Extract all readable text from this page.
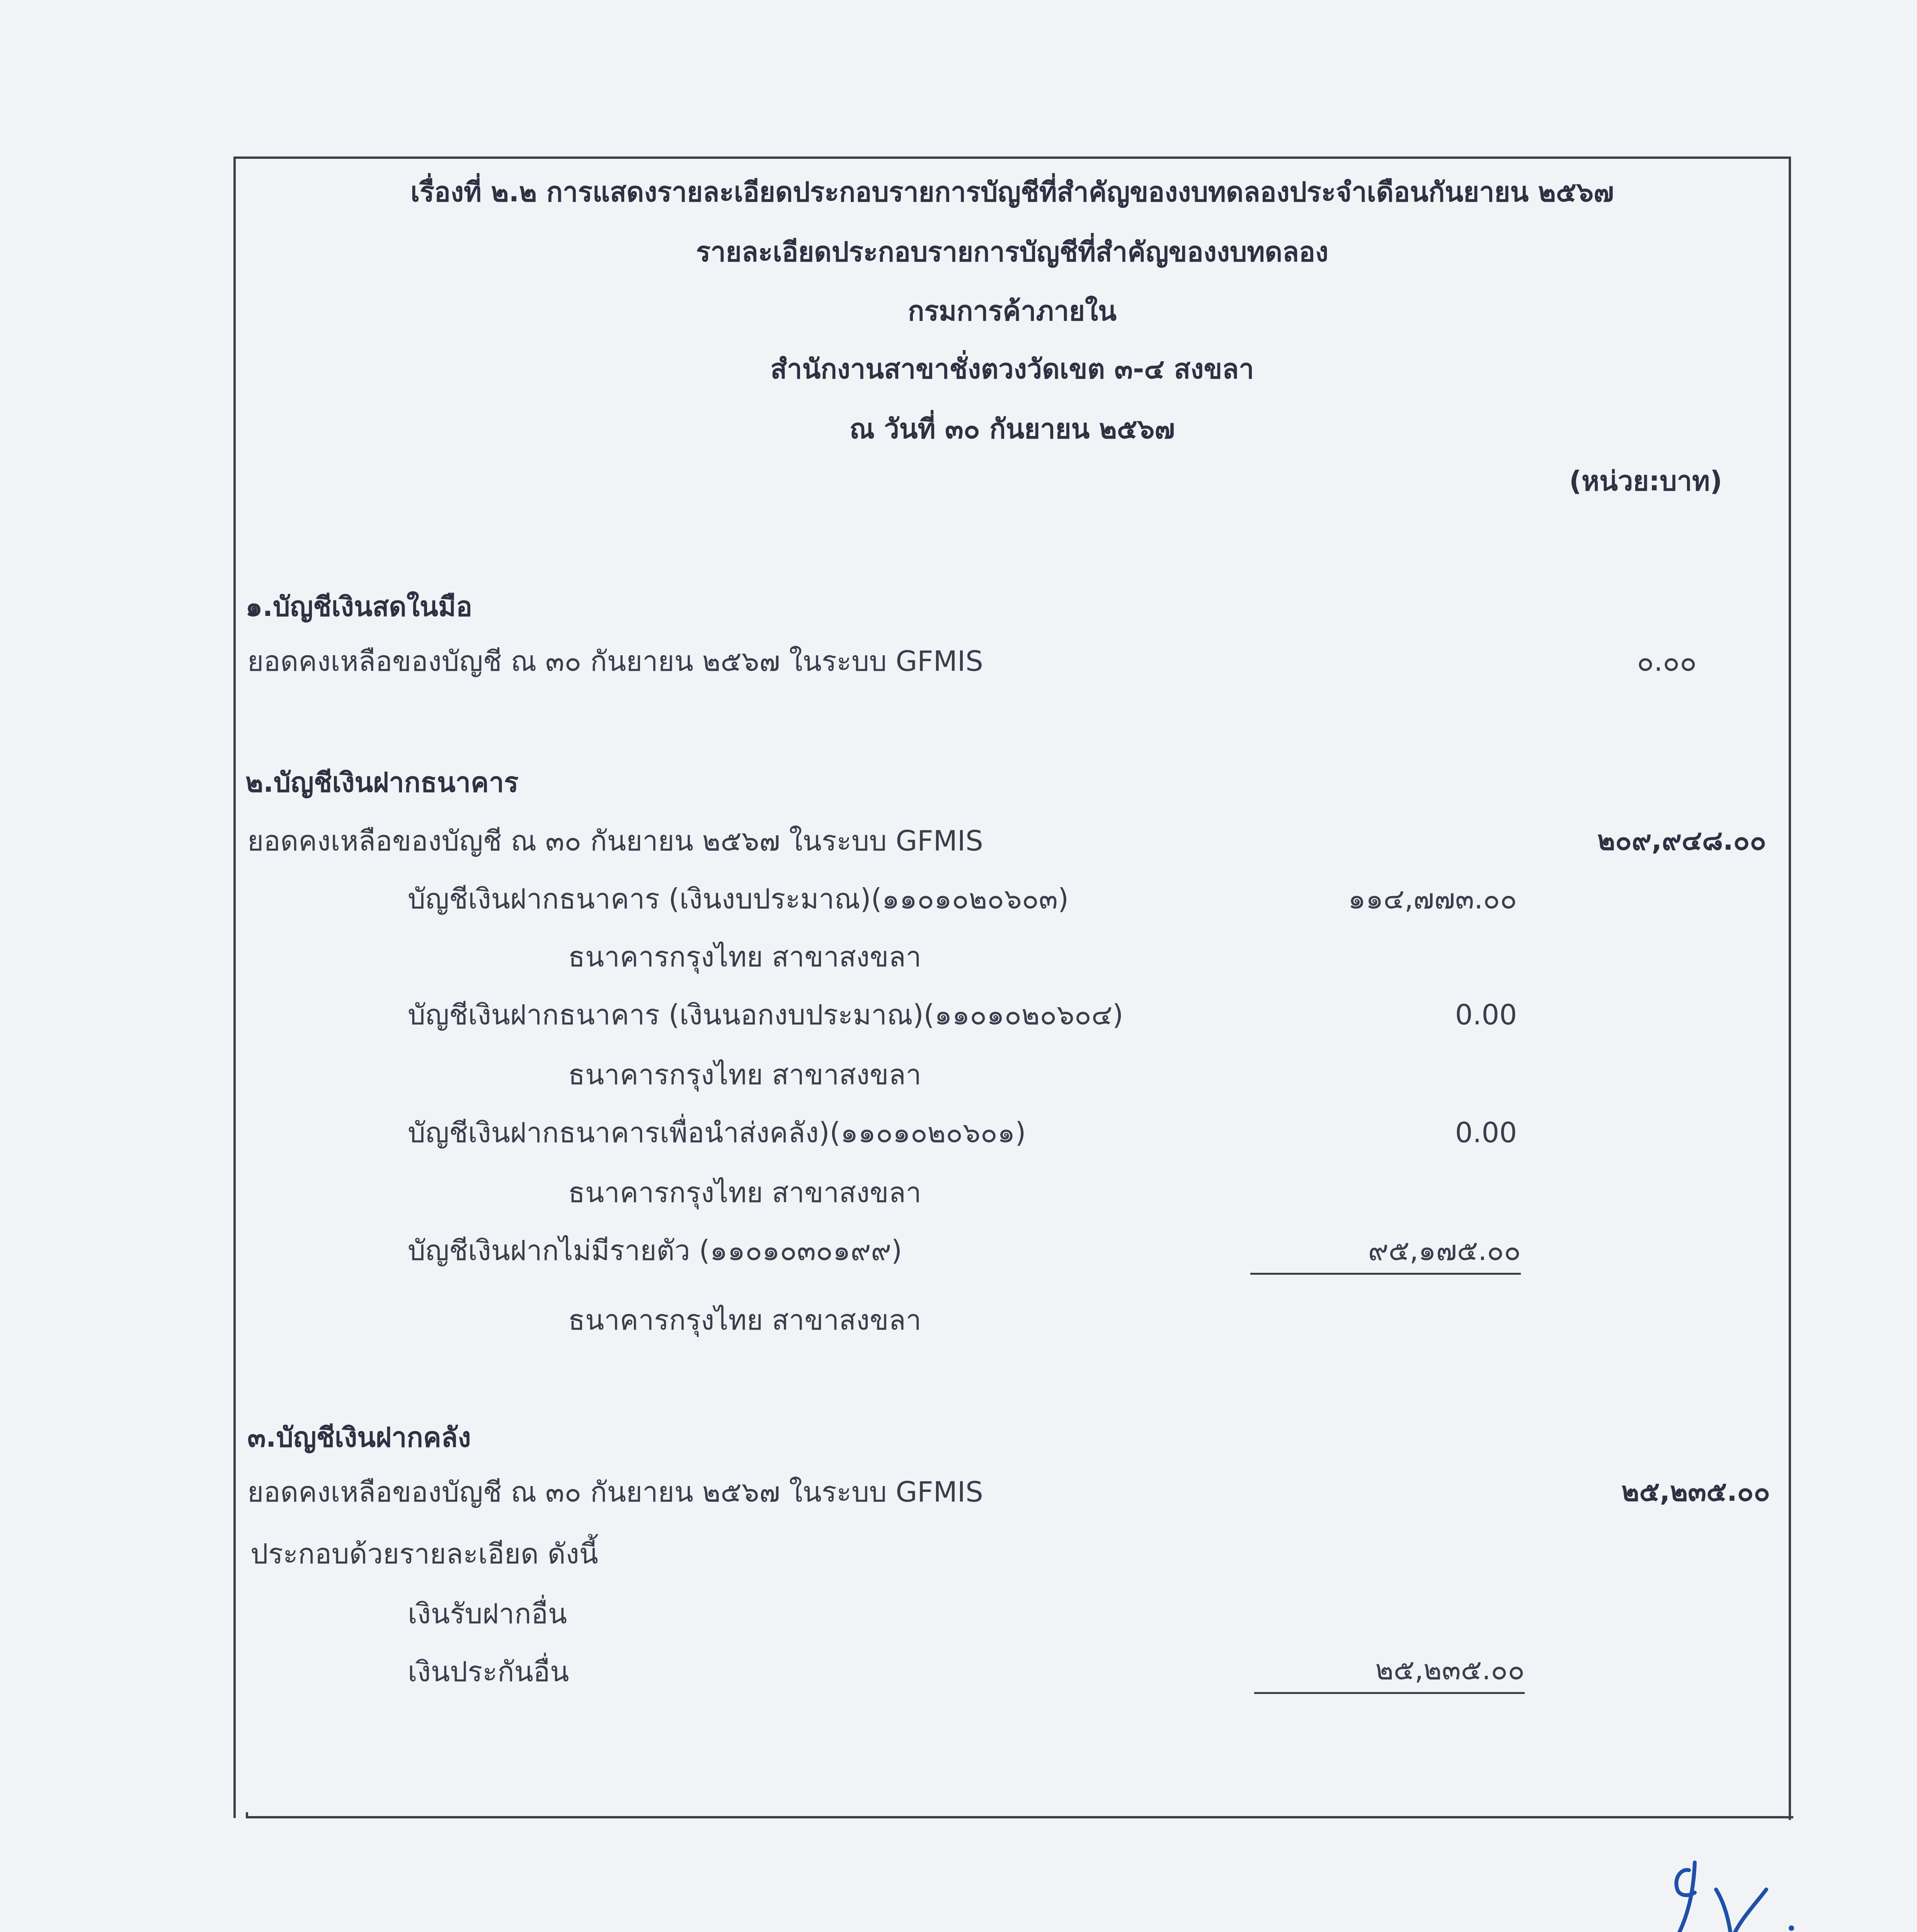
เรื่องที่ ๒.๒ การแสดงรายละเอียดประกอบรายการบัญชีที่สำคัญของงบทดลองประจำเดือนกันยายน ๒๕๖๗
รายละเอียดประกอบรายการบัญชีที่สำคัญของงบทดลอง
กรมการค้าภายใน
สำนักงานสาขาชั่งตวงวัดเขต ๓-๔ สงขลา
ณ วันที่ ๓๐ กันยายน ๒๕๖๗
(หน่วย:บาท)
๑.บัญชีเงินสดในมือ
ยอดคงเหลือของบัญชี ณ ๓๐ กันยายน ๒๕๖๗ ในระบบ GFMIS	๐.๐๐
๒.บัญชีเงินฝากธนาคาร
ยอดคงเหลือของบัญชี ณ ๓๐ กันยายน ๒๕๖๗ ในระบบ GFMIS	๒๐๙,๙๔๘.๐๐
บัญชีเงินฝากธนาคาร (เงินงบประมาณ)(๑๑๐๑๐๒๐๖๐๓)	๑๑๔,๗๗๓.๐๐
ธนาคารกรุงไทย สาขาสงขลา
บัญชีเงินฝากธนาคาร (เงินนอกงบประมาณ)(๑๑๐๑๐๒๐๖๐๔)	0.00
ธนาคารกรุงไทย สาขาสงขลา
บัญชีเงินฝากธนาคารเพื่อนำส่งคลัง)(๑๑๐๑๐๒๐๖๐๑)	0.00
ธนาคารกรุงไทย สาขาสงขลา
บัญชีเงินฝากไม่มีรายตัว (๑๑๐๑๐๓๐๑๙๙)	๙๕,๑๗๕.๐๐
ธนาคารกรุงไทย สาขาสงขลา
๓.บัญชีเงินฝากคลัง
ยอดคงเหลือของบัญชี ณ ๓๐ กันยายน ๒๕๖๗ ในระบบ GFMIS	๒๕,๒๓๕.๐๐
ประกอบด้วยรายละเอียด ดังนี้
เงินรับฝากอื่น
เงินประกันอื่น	๒๕,๒๓๕.๐๐
